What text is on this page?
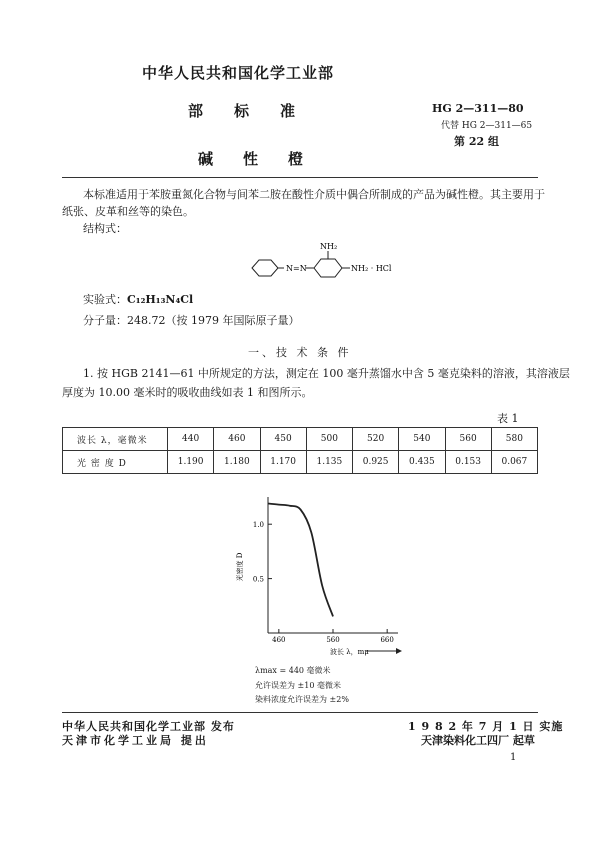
中华人民共和国化学工业部
部标准
碱性橙
HG 2—311—80
代替 HG 2—311—65
第 22 组
本标准适用于苯胺重氮化合物与间苯二胺在酸性介质中偶合所制成的产品为碱性橙。其主要用于
纸张、皮革和丝等的染色。
结构式：
N=N
NH₂
NH₂ · HCl
实验式：C₁₂H₁₃N₄Cl
分子量：248.72（按 1979 年国际原子量）
一、技 术 条 件
1. 按 HGB 2141—61 中所规定的方法，测定在 100 毫升蒸馏水中含 5 毫克染料的溶液，其溶液层
厚度为 10.00 毫米时的吸收曲线如表 1 和图所示。
表 1
波长 λ，毫微米	440	460	450	500	520	540	560	580
光 密 度 D	1.190	1.180	1.170	1.135	0.925	0.435	0.153	0.067
光密度 D
1.0
0.5
460	560	660
波长 λ，mμ
λmax = 440 毫微米
允许误差为 ±10 毫微米
染料浓度允许误差为 ±2%
中华人民共和国化学工业部 发布
天津市化学工业局 提出
1 9 8 2 年 7 月 1 日 实施
天津染料化工四厂 起草
1
